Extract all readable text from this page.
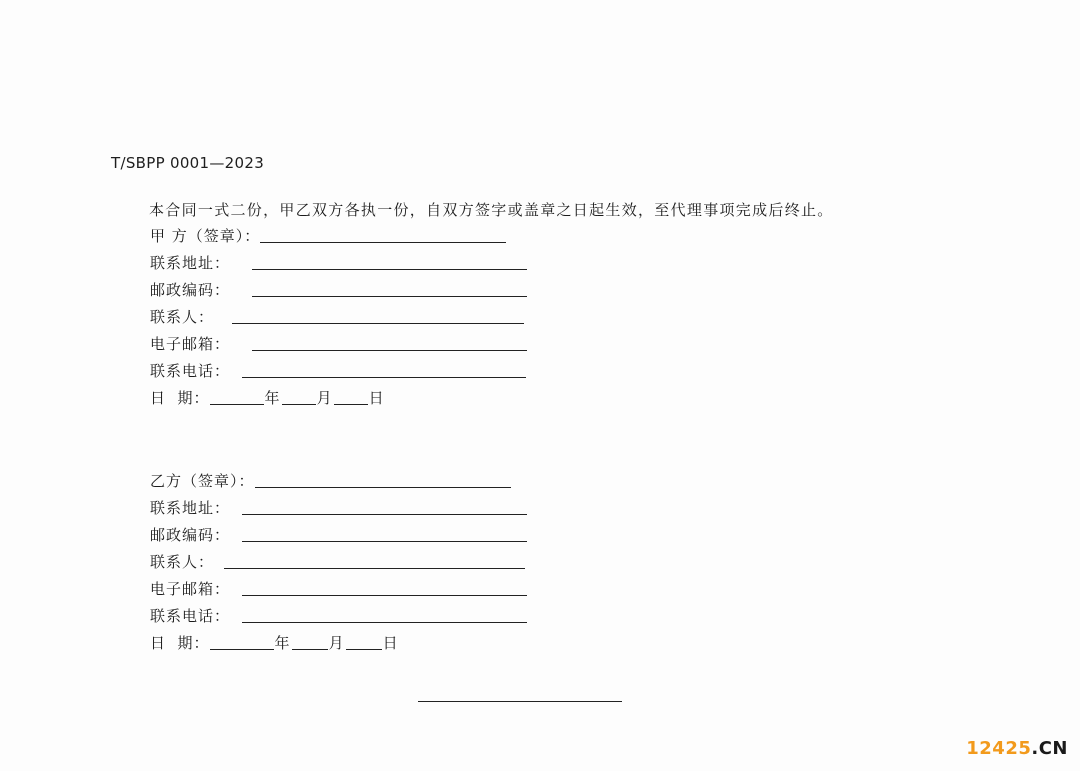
T/SBPP 0001—2023
本合同一式二份，甲乙双方各执一份，自双方签字或盖章之日起生效，至代理事项完成后终止。
甲 方（签章）：
联系地址：
邮政编码：
联系人：
电子邮箱：
联系电话：
日  期：	年 月 日
乙方（签章）：
联系地址：
邮政编码：
联系人：
电子邮箱：
联系电话：
日  期：	年	月	日
12425.CN
